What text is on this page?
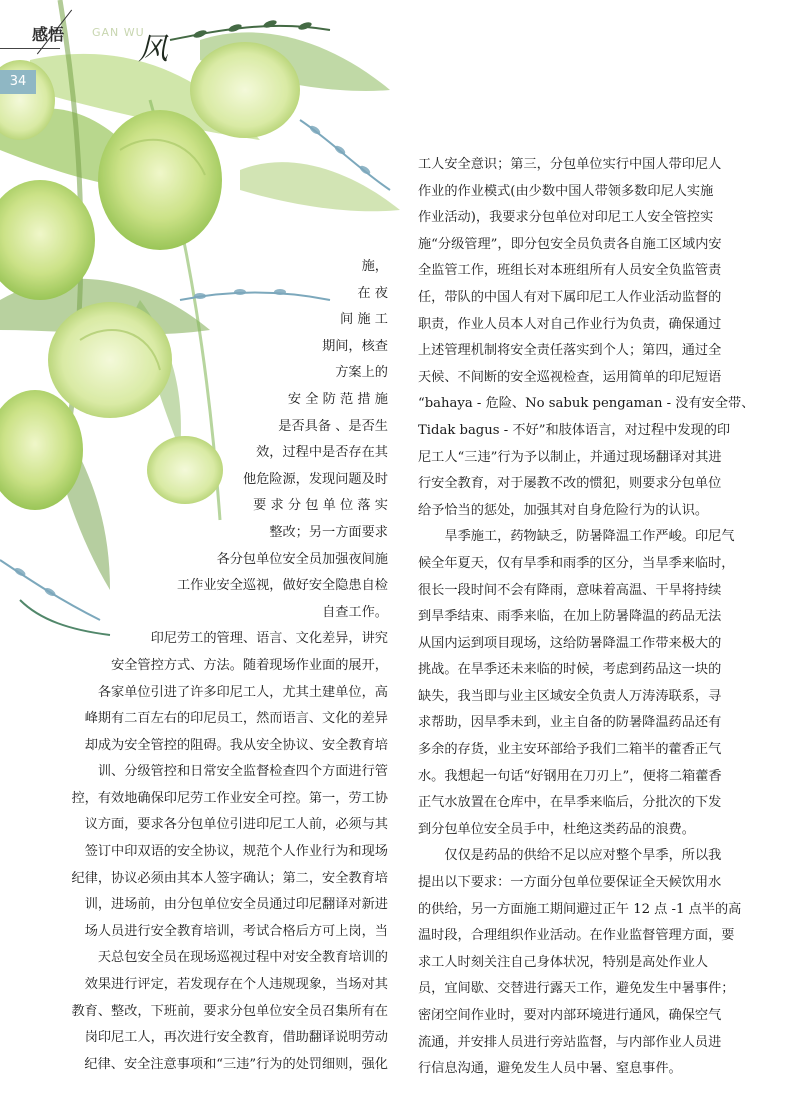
感悟	GAN WU
风
34
施，
在 夜
间 施 工
期间，核查
方案上的
安 全 防 范 措 施
是否具备 、是否生
效，过程中是否存在其
他危险源，发现问题及时
要 求 分 包 单 位 落 实
整改；另一方面要求
各分包单位安全员加强夜间施
工作业安全巡视，做好安全隐患自检
自查工作。
印尼劳工的管理、语言、文化差异，讲究
安全管控方式、方法。随着现场作业面的展开，
各家单位引进了许多印尼工人，尤其土建单位，高
峰期有二百左右的印尼员工，然而语言、文化的差异
却成为安全管控的阻碍。我从安全协议、安全教育培
训、分级管控和日常安全监督检查四个方面进行管
控，有效地确保印尼劳工作业安全可控。第一，劳工协
议方面，要求各分包单位引进印尼工人前，必须与其
签订中印双语的安全协议，规范个人作业行为和现场
纪律，协议必须由其本人签字确认；第二，安全教育培
训，进场前，由分包单位安全员通过印尼翻译对新进
场人员进行安全教育培训，考试合格后方可上岗，当
天总包安全员在现场巡视过程中对安全教育培训的
效果进行评定，若发现存在个人违规现象，当场对其
教育、整改，下班前，要求分包单位安全员召集所有在
岗印尼工人，再次进行安全教育，借助翻译说明劳动
纪律、安全注意事项和“三违”行为的处罚细则，强化

工人安全意识；第三，分包单位实行中国人带印尼人
作业的作业模式(由少数中国人带领多数印尼人实施
作业活动)，我要求分包单位对印尼工人安全管控实
施“分级管理”，即分包安全员负责各自施工区域内安
全监管工作，班组长对本班组所有人员安全负监管责
任，带队的中国人有对下属印尼工人作业活动监督的
职责，作业人员本人对自己作业行为负责，确保通过
上述管理机制将安全责任落实到个人；第四，通过全
天候、不间断的安全巡视检查，运用简单的印尼短语
“bahaya - 危险、No sabuk pengaman - 没有安全带、
Tidak bagus - 不好”和肢体语言，对过程中发现的印
尼工人“三违”行为予以制止，并通过现场翻译对其进
行安全教育，对于屡教不改的惯犯，则要求分包单位
给予恰当的惩处，加强其对自身危险行为的认识。

旱季施工，药物缺乏，防暑降温工作严峻。印尼气
候全年夏天，仅有旱季和雨季的区分，当旱季来临时，
很长一段时间不会有降雨，意味着高温、干旱将持续
到旱季结束、雨季来临，在加上防暑降温的药品无法
从国内运到项目现场，这给防暑降温工作带来极大的
挑战。在旱季还未来临的时候，考虑到药品这一块的
缺失，我当即与业主区域安全负责人万涛涛联系，寻
求帮助，因旱季未到，业主自备的防暑降温药品还有
多余的存货，业主安环部给予我们二箱半的藿香正气
水。我想起一句话“好钢用在刀刃上”，便将二箱藿香
正气水放置在仓库中，在旱季来临后，分批次的下发
到分包单位安全员手中，杜绝这类药品的浪费。

仅仅是药品的供给不足以应对整个旱季，所以我
提出以下要求：一方面分包单位要保证全天候饮用水
的供给，另一方面施工期间避过正午 12 点 -1 点半的高
温时段，合理组织作业活动。在作业监督管理方面，要
求工人时刻关注自己身体状况，特别是高处作业人
员，宜间歇、交替进行露天工作，避免发生中暑事件；
密闭空间作业时，要对内部环境进行通风，确保空气
流通，并安排人员进行旁站监督，与内部作业人员进
行信息沟通，避免发生人员中暑、窒息事件。
